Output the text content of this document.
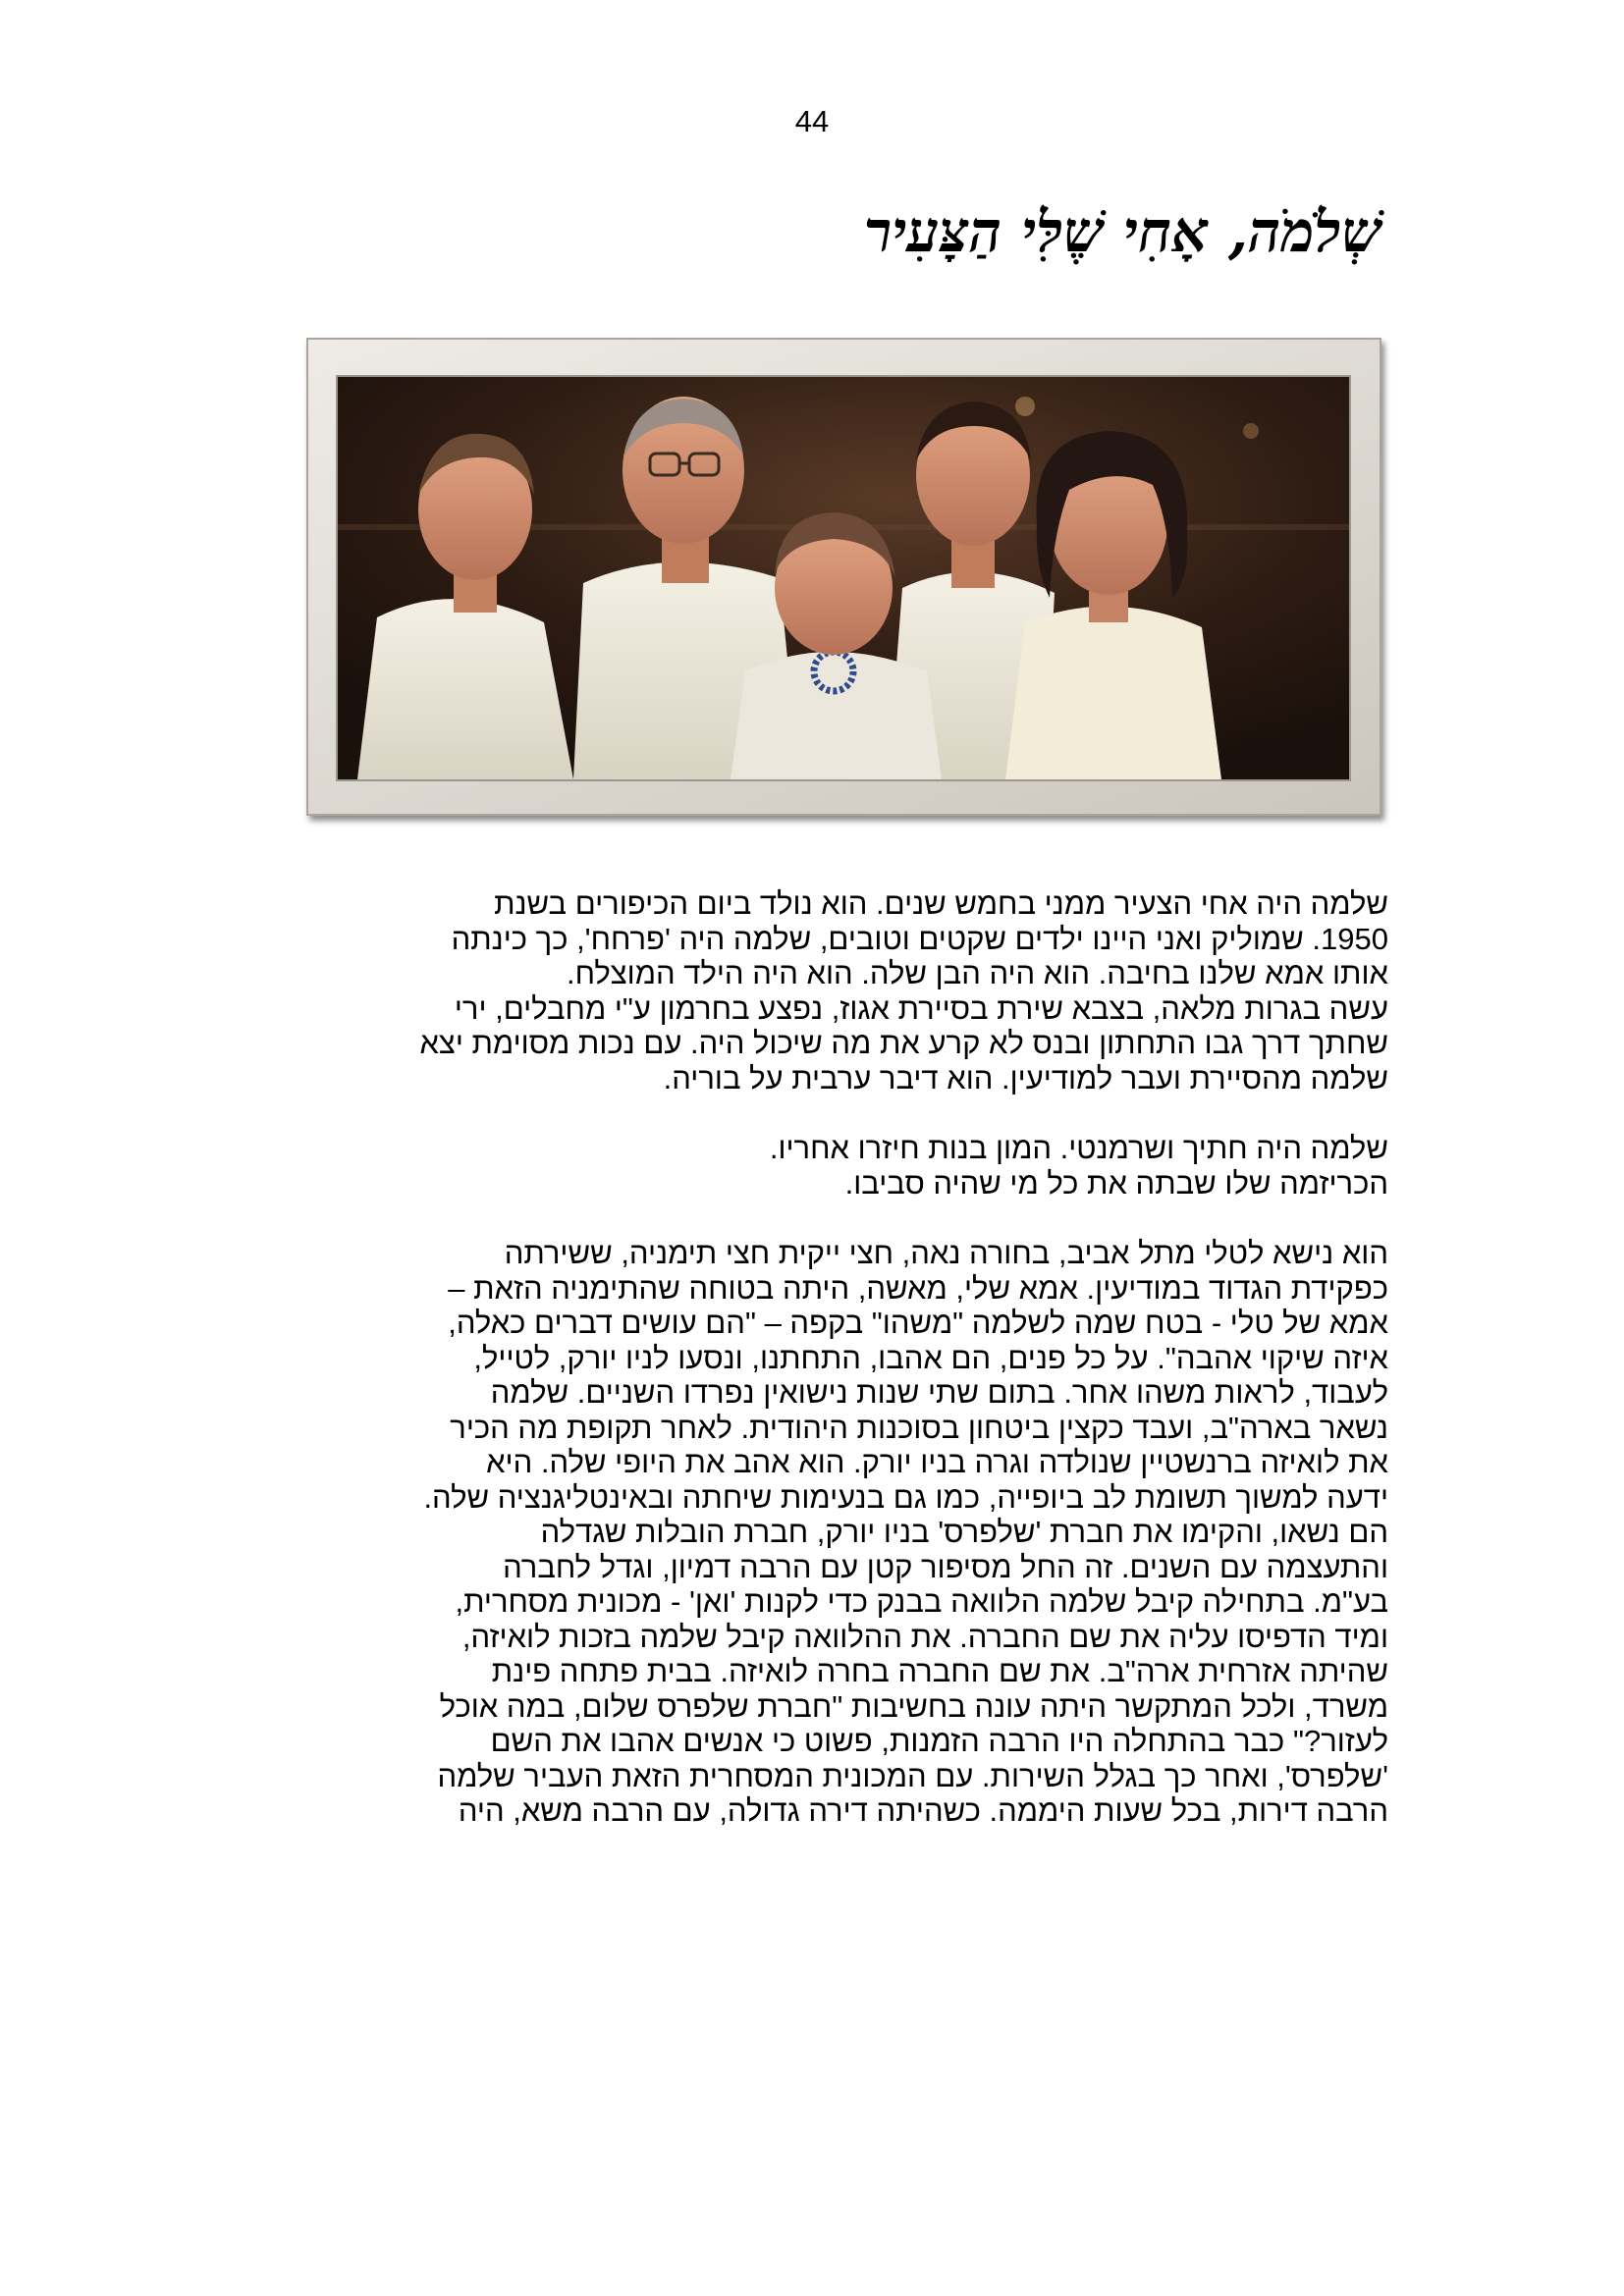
44
שְׁלֹמֹה, אָחִי שֶׁלִּי הַצָּעִיר
שלמה היה אחי הצעיר ממני בחמש שנים. הוא נולד ביום הכיפורים בשנת
1950. שמוליק ואני היינו ילדים שקטים וטובים, שלמה היה 'פרחח', כך כינתה
אותו אמא שלנו בחיבה. הוא היה הבן שלה. הוא היה הילד המוצלח.
עשה בגרות מלאה, בצבא שירת בסיירת אגוז, נפצע בחרמון ע"י מחבלים, ירי
שחתך דרך גבו התחתון ובנס לא קרע את מה שיכול היה. עם נכות מסוימת יצא
שלמה מהסיירת ועבר למודיעין. הוא דיבר ערבית על בוריה.
שלמה היה חתיך ושרמנטי. המון בנות חיזרו אחריו.
הכריזמה שלו שבתה את כל מי שהיה סביבו.
הוא נישא לטלי מתל אביב, בחורה נאה, חצי ייקית חצי תימניה, ששירתה
כפקידת הגדוד במודיעין. אמא שלי, מאשה, היתה בטוחה שהתימניה הזאת –
אמא של טלי - בטח שמה לשלמה "משהו" בקפה – "הם עושים דברים כאלה,
איזה שיקוי אהבה". על כל פנים, הם אהבו, התחתנו, ונסעו לניו יורק, לטייל,
לעבוד, לראות משהו אחר. בתום שתי שנות נישואין נפרדו השניים. שלמה
נשאר בארה"ב, ועבד כקצין ביטחון בסוכנות היהודית. לאחר תקופת מה הכיר
את לואיזה ברנשטיין שנולדה וגרה בניו יורק. הוא אהב את היופי שלה. היא
ידעה למשוך תשומת לב ביופייה, כמו גם בנעימות שיחתה ובאינטליגנציה שלה.
הם נשאו, והקימו את חברת 'שלפרס' בניו יורק, חברת הובלות שגדלה
והתעצמה עם השנים. זה החל מסיפור קטן עם הרבה דמיון, וגדל לחברה
בע"מ. בתחילה קיבל שלמה הלוואה בבנק כדי לקנות 'ואן' - מכונית מסחרית,
ומיד הדפיסו עליה את שם החברה. את ההלוואה קיבל שלמה בזכות לואיזה,
שהיתה אזרחית ארה"ב. את שם החברה בחרה לואיזה. בבית פתחה פינת
משרד, ולכל המתקשר היתה עונה בחשיבות "חברת שלפרס שלום, במה אוכל
לעזור?" כבר בהתחלה היו הרבה הזמנות, פשוט כי אנשים אהבו את השם
'שלפרס', ואחר כך בגלל השירות. עם המכונית המסחרית הזאת העביר שלמה
הרבה דירות, בכל שעות היממה. כשהיתה דירה גדולה, עם הרבה משא, היה
